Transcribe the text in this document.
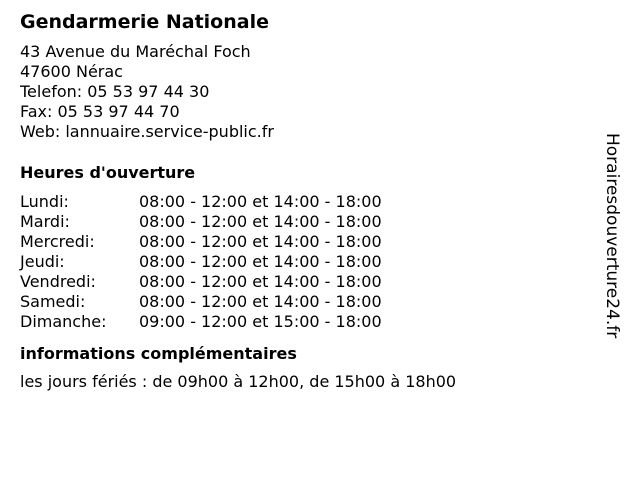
Gendarmerie Nationale
43 Avenue du Maréchal Foch
47600 Nérac
Telefon: 05 53 97 44 30
Fax: 05 53 97 44 70
Web: lannuaire.service-public.fr
Heures d'ouverture
Lundi:	08:00 - 12:00 et 14:00 - 18:00
Mardi:	08:00 - 12:00 et 14:00 - 18:00
Mercredi:	08:00 - 12:00 et 14:00 - 18:00
Jeudi:	08:00 - 12:00 et 14:00 - 18:00
Vendredi:	08:00 - 12:00 et 14:00 - 18:00
Samedi:	08:00 - 12:00 et 14:00 - 18:00
Dimanche:	09:00 - 12:00 et 15:00 - 18:00
informations complémentaires
les jours fériés : de 09h00 à 12h00, de 15h00 à 18h00
Horairesdouverture24.fr
